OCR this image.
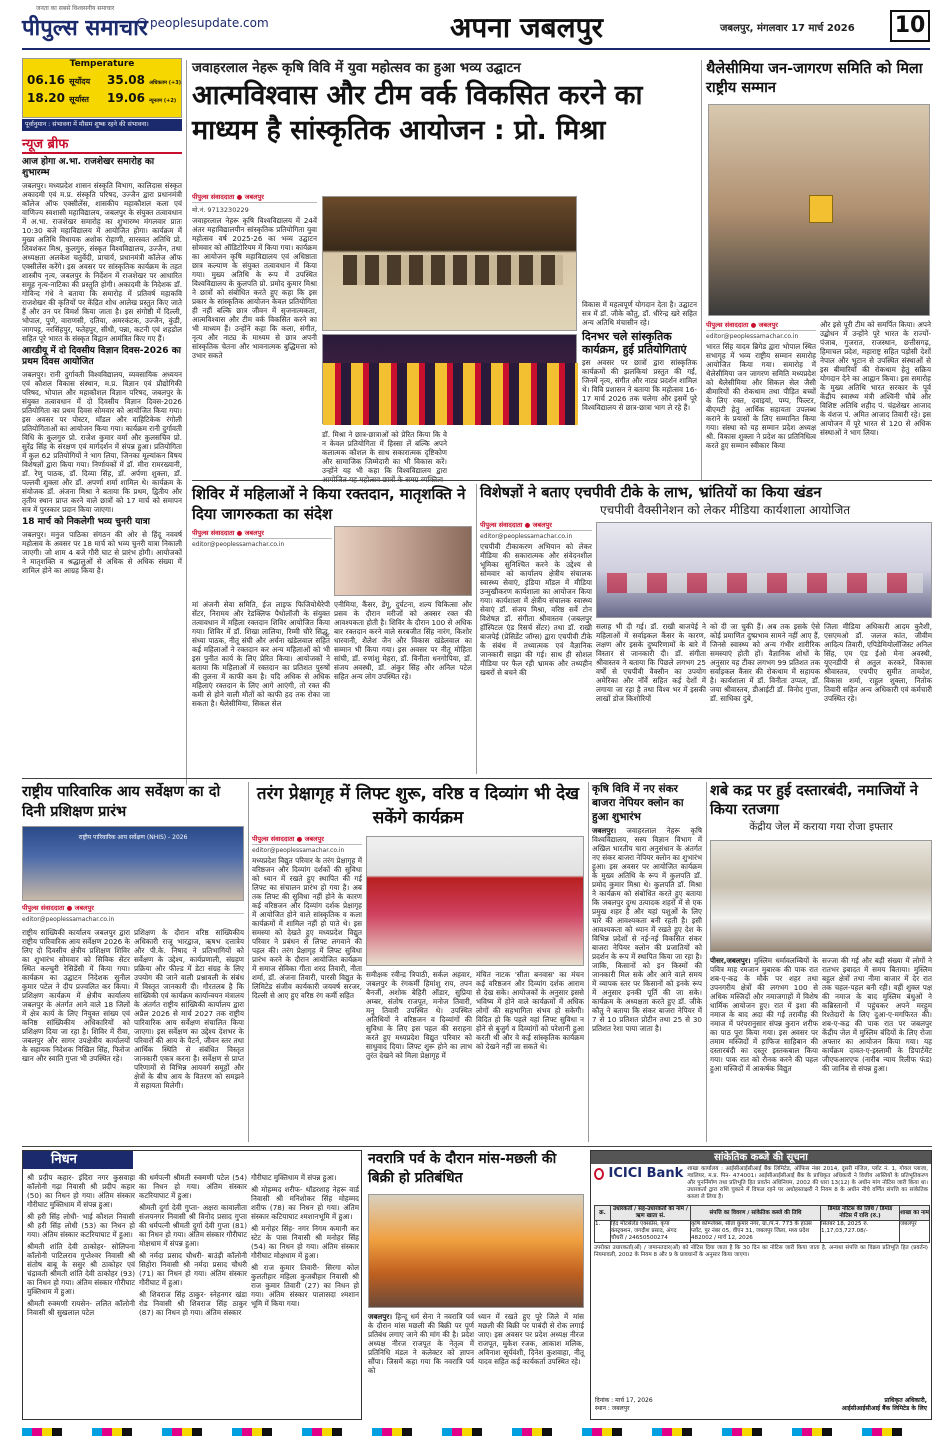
पीपुल्स समाचार
जनता का सबसे विश्वसनीय समाचार
peoplesupdate.com	अपना जबलपुर	जबलपुर, मंगलवार 17 मार्च 2026 10
Temperature
06.16 सूर्योदय
18.20 सूर्यास्त
35.08 अधिकतम (+3)
19.06 न्यूनतम (+2)
पूर्वानुमान : संभावना में मौसम शुष्क रहने की संभावना।
न्यूज ब्रीफ
आज होगा अ.भा. राजशेखर समारोह का शुभारम्भ
जबलपुर। मध्यप्रदेश शासन संस्कृति विभाग, कालिदास संस्कृत अकादमी एवं म.प्र. संस्कृति परिषद, उज्जैन द्वारा प्रधानमंत्री कॉलेज ऑफ एक्सीलेंस, शासकीय महाकौशल कला एवं वाणिज्य स्वशासी महाविद्यालय, जबलपुर के संयुक्त तत्वावधान में अ.भा. राजशेखर समारोह का शुभारम्भ मंगलवार प्रातः 10:30 बजे महाविद्यालय में आयोजित होगा। कार्यक्रम में मुख्य अतिथि विधायक अशोक रोहाणी, सारस्वत अतिथि प्रो. शिवशंकर मिश्र, कुलगुरु, संस्कृत विश्वविद्यालय, उज्जैन, तथा अध्यक्षता अलकेश चतुर्वेदी, प्राचार्य, प्रधानमंत्री कॉलेज ऑफ एक्सीलेंस करेंगे। इस अवसर पर सांस्कृतिक कार्यक्रम के तहत शास्त्रीय नृत्य, जबलपुर के निर्देशन में राजशेखर पर आधारित समूह नृत्य-नाटिका की प्रस्तुति होगी। अकादमी के निदेशक डॉ. गोविन्द गंधे ने बताया कि समारोह में प्रतिवर्ष महाकवि राजशेखर की कृतियों पर केंद्रित शोध आलेख प्रस्तुत किए जाते हैं और उन पर विमर्श किया जाता है। इस संगोष्ठी में दिल्ली, भोपाल, पुणे, वाराणसी, दतिया, अमरकंटक, उज्जैन, कुंडी, जागपट्ट, नरसिंहपुर, फतेहपुर, सीधी, पन्ना, कटनी एवं शहडोल सहित पूरे भारत के संस्कृत विद्वान आमंत्रित किए गए हैं।
आरडीयू में दो दिवसीय विज्ञान दिवस-2026 का प्रथम दिवस आयोजित
जबलपुर। रानी दुर्गावती विश्वविद्यालय, व्यवसायिक अध्ययन एवं कौशल विकास संस्थान, म.प्र. विज्ञान एवं प्रौद्योगिकी परिषद, भोपाल और महाकौशल विज्ञान परिषद, जबलपुर के संयुक्त तत्वावधान में दो दिवसीय विज्ञान दिवस-2026 प्रतियोगिता का प्रथम दिवस सोमवार को आयोजित किया गया। इस अवसर पर पोस्टर, मॉडल और वाहिटिकेक रंगोली प्रतियोगिताओं का आयोजन किया गया। कार्यक्रम रानी दुर्गावती विधि के कुलगुरु प्रो. राजेश कुमार वर्मा और कुलसचिव प्रो. सुरेंद्र सिंह के संरक्षण एवं मार्गदर्शन में संपन्न हुआ। प्रतियोगिता में कुल 62 प्रतियोगियों ने भाग लिया, जिनका मूल्यांकन विषय विशेषज्ञों द्वारा किया गया। निर्णायकों में डॉ. मीरा रामरख्यानी, डॉ. रेणु पाठक, डॉ. दिव्या सिंह, डॉ. अर्पणा शुक्ला, डॉ. पल्लवी शुक्ला और डॉ. अपर्णा शर्मा शामिल थे। कार्यक्रम के संयोजक डॉ. अंजना मिश्रा ने बताया कि प्रथम, द्वितीय और तृतीय स्थान प्राप्त करने वाले छात्रों को 17 मार्च को समापन सत्र में पुरस्कार प्रदान किया जाएगा।
18 मार्च को निकलेगी भव्य चुनरी यात्रा
जबलपुर। मनुज पाठिका संगठन की ओर से हिंदू नववर्ष महोत्सव के अवसर पर 18 मार्च को भव्य चुनरी यात्रा निकाली जाएगी। जो शाम 4 बजे गौरी घाट से प्रारंभ होगी। आयोजकों ने मातृशक्ति व श्रद्धालुओं से अधिक से अधिक संख्या में शामिल होने का आग्रह किया है।
जवाहरलाल नेहरू कृषि विवि में युवा महोत्सव का हुआ भव्य उद्घाटन
आत्मविश्वास और टीम वर्क विकसित करने का माध्यम है सांस्कृतिक आयोजन : प्रो. मिश्रा
पीपुल्स संवाददाता ● जबलपुर
मो.नं. 9713230229
जवाहरलाल नेहरू कृषि विश्वविद्यालय में 24वें अंतर महाविद्यालयीन सांस्कृतिक प्रतियोगिता युवा महोत्सव वर्ष 2025-26 का भव्य उद्घाटन सोमवार को ऑडिटोरियम में किया गया। कार्यक्रम का आयोजन कृषि महाविद्यालय एवं अधिष्ठाता छात्र कल्याण के संयुक्त तत्वावधान में किया गया। मुख्य अतिथि के रूप में उपस्थित विश्वविद्यालय के कुलपति प्रो. प्रमोद कुमार मिश्रा ने छात्रों को संबोधित करते हुए कहा कि इस प्रकार के सांस्कृतिक आयोजन केवल प्रतियोगिता ही नहीं बल्कि छात्र जीवन में सृजनात्मकता, आत्मविश्वास और टीम वर्क विकसित करने का भी माध्यम हैं। उन्होंने कहा कि कला, संगीत, नृत्य और नाट्य के माध्यम से छात्र अपनी सांस्कृतिक चेतना और भावनात्मक बुद्धिमत्ता को उभार सकते
डॉ. मिश्रा ने छात्र-छात्राओं को प्रेरित किया कि वे न केवल प्रतियोगिता में हिस्सा लें बल्कि अपने कलात्मक कौशल के साथ सकारात्मक दृष्टिकोण और सामाजिक जिम्मेदारी का भी विकास करें। उन्होंने यह भी कहा कि विश्वविद्यालय द्वारा
विकास में महत्वपूर्ण योगदान देता है। उद्घाटन सत्र में डॉ. जीके कौतु, डॉ. धीरेन्द्र खरे सहित अन्य अतिथि मंचासीन रहे।
दिनभर चले सांस्कृतिक कार्यक्रम, हुई प्रतियोगिताएं
इस अवसर पर छात्रों द्वारा सांस्कृतिक कार्यक्रमों की झलकियां प्रस्तुत की गईं, जिनमें नृत्य, संगीत और नाट्य प्रदर्शन शामिल थे। विवि प्रशासन ने बताया कि महोत्सव 16-17 मार्च 2026 तक चलेगा और इसमें पूरे विश्वविद्यालय से छात्र-छात्रा भाग ले रहे हैं।
थैलेसीमिया जन-जागरण समिति को मिला राष्ट्रीय सम्मान
पीपुल्स संवाददाता ● जबलपुर
editor@peoplessamachar.co.in
भारत सिंह यादव ब्रिगेड द्वारा भोपाल स्थित सभागृह में भव्य राष्ट्रीय सम्मान समारोह आयोजित किया गया। समारोह में थैलेसीमिया जन जागरण समिति मध्यप्रदेश को थैलेसीमिया और सिकल सेल जैसी बीमारियों की रोकथाम तथा पीड़ित बच्चों के लिए रक्त, दवाइयां, पम्प, फिल्टर, बीएमटी हेतु आर्थिक सहायता उपलब्ध कराने के प्रयासों के लिए सम्मानित किया गया। संस्था को यह सम्मान प्रदेश अध्यक्ष श्री. विकास शुक्ला ने प्रदेश का प्रतिनिधित्व करते हुए सम्मान स्वीकार किया
और इसे पूरी टीम को समर्पित किया। अपने उद्बोधन में उन्होंने पूरे भारत के राज्यों-पंजाब, गुजरात, राजस्थान, छत्तीसगढ़, हिमाचल प्रदेश, महाराष्ट्र सहित पड़ोसी देशों नेपाल और भूटान से उपस्थित संस्थाओं से इस बीमारियों की रोकथाम हेतु सक्रिय योगदान देने का आह्वान किया। इस समारोह के मुख्य अतिथि भारत सरकार के पूर्व केंद्रीय स्वास्थ्य मंत्री अश्विनी चौबे और विशिष्ट अतिथि शहीद पं. चंद्रशेखर आजाद के वंशज पं. अमित आजाद तिवारी रहे। इस आयोजन में पूरे भारत से 120 से अधिक संस्थाओं ने भाग लिया।
शिविर में महिलाओं ने किया रक्तदान, मातृशक्ति ने दिया जागरुकता का संदेश
पीपुल्स संवाददाता ● जबलपुर
editor@peoplessamachar.co.in
मां अंजनी सेवा समिति, ईज लाइफ फिजियोथैरेपी सेंटर, निरामय और रेडक्लिफ पैथोलॉजी के संयुक्त तत्वावधान में महिला रक्तदान शिविर आयोजित किया गया। शिविर में डॉ. शिखा लालिया, रिम्मी चौरे सिद्धू, संध्या पाठक, नीतू संघी और अर्चना खंडेलवाल सहित कई महिलाओं ने रक्तदान कर अन्य महिलाओं को भी इस पुनीत कार्य के लिए प्रेरित किया। आयोजकों ने बताया कि महिलाओं में रक्तदान का प्रतिशत पुरुषों की तुलना में काफी कम है। यदि अधिक से अधिक महिलाएं रक्तदान के लिए आगे आएंगी, तो रक्त की कमी से होने वाली मौतों को काफी हद तक रोका जा सकता है। थैलेसीमिया, सिकल सेल
एनीमिया, कैंसर, डेंगू, दुर्घटना, शल्य चिकित्सा और प्रसव के दौरान मरीजों को अक्सर रक्त की आवश्यकता होती है। शिविर के दौरान 100 से अधिक बार रक्तदान करने वाले सरबजीत सिंह नारंग, किशोर धारवानी, शैलेश जैन और विकास खंडेलवाल का सम्मान भी किया गया। इस अवसर पर नीतू मोहिता सांघी, डॉ. रुणांशु मेहरा, डॉ. विनीता धनगोपिया, डॉ. संजय अवस्थी, डॉ. अंकुर सिंह और अनिल पटेल सहित अन्य लोग उपस्थित रहे।
विशेषज्ञों ने बताए एचपीवी टीके के लाभ, भ्रांतियों का किया खंडन
एचपीवी वैक्सीनेशन को लेकर मीडिया कार्यशाला आयोजित
पीपुल्स संवाददाता ● जबलपुर
editor@peoplessamachar.co.in
एचपीवी टीकाकरण अभियान को लेकर मीडिया की सकारात्मक और संवेदनशील भूमिका सुनिश्चित करने के उद्देश्य से सोमवार को कार्यालय क्षेत्रीय संचालक स्वास्थ्य सेवाएं, इंडिया मॉडल में मीडिया उन्मुखीकरण कार्यशाला का आयोजन किया गया। कार्यशाला में क्षेत्रीय संचालक स्वास्थ्य सेवाएं डॉ. संजय मिश्रा, वरिष्ठ सर्वे टोन विशेषज्ञ डॉ. संगीता श्रीवास्तव (जबलपुर हॉस्पिटल एंड रिसर्च सेंटर) तथा डॉ. राखी बाजपेई (प्रेसिडेंट जॉग्स) द्वारा एचपीवी टीके के संबंध में तथ्यात्मक एवं वैज्ञानिक जानकारी साझा की गई। साथ ही सोशल मीडिया पर फैल रही भ्रामक और तथ्यहीन खबरों से बचने की
सलाह भी दी गई। डॉ. राखी बाजपेई ने महिलाओं में सर्वाइकल कैंसर के कारण, लक्षण और इसके दुष्परिणामों के बारे में विस्तार से जानकारी दी। डॉ. संगीता श्रीवास्तव ने बताया कि पिछले लगभग 25 वर्षों से एचपीवी वैक्सीन का उपयोग अमेरिका और नॉर्वे सहित कई देशों में लगाया जा रहा है तथा विश्व भर में इसकी लाखों डोज किशोरियों
को दी जा चुकी हैं। अब तक इसके ऐसे कोई प्रमाणित दुष्प्रभाव सामने नहीं आए हैं, जिनसे स्वास्थ्य को अन्य गंभीर शारीरिक समस्याएं होती हों। वैज्ञानिक शोधों के अनुसार यह टीका लगभग 99 प्रतिशत तक सर्वाइकल कैंसर की रोकथाम में सहायक है। कार्यशाला में डॉ. विनीता उप्पल, डॉ. जया श्रीवास्तव, डीआईटी डॉ. विनोद गुप्ता, डॉ. साधिका दुबे,
जिला मीडिया अधिकारी आदम कुरैशी, एसएमओ डॉ. जलज कांत, जीवीम आदित्य तिवारी, एपिडेमियोलॉजिस्ट अनिल सिंह, एम एंड ईओ मेना अवस्थी, यूएनडीपी से अतुल करकरे, विकास श्रीवास्तव, एचपीए सुमीत तामदेश, विकास शर्मा, राहुल शुक्ला, नितोक तिवारी सहित अन्य अधिकारी एवं कर्मचारी उपस्थित रहे।
राष्ट्रीय पारिवारिक आय सर्वेक्षण का दो दिनी प्रशिक्षण प्रारंभ
राष्ट्रीय पारिवारिक आय सर्वेक्षण (NHIS) - 2026
पीपुल्स संवाददाता ● जबलपुर
editor@peoplessamachar.co.in
राष्ट्रीय सांख्यिकी कार्यालय जबलपुर द्वारा राष्ट्रीय पारिवारिक आय सर्वेक्षण 2026 के लिए दो दिवसीय क्षेत्रीय प्रशिक्षण शिविर का शुभारंभ सोमवार को सिविक सेंटर स्थित कल्चुरी रेसिडेंसी में किया गया। कार्यक्रम का उद्घाटन निदेशक सुनील कुमार पटेल ने दीप प्रज्वलित कर किया। प्रशिक्षण कार्यक्रम में क्षेत्रीय कार्यालय जबलपुर के अंतर्गत आने वाले 18 जिलों में क्षेत्र कार्य के लिए नियुक्त सांख्य एवं कनिष्ठ सांख्यिकीय अधिकारियों को प्रशिक्षण दिया जा रहा है। शिविर में रीवा, जबलपुर और सागर उपक्षेत्रीय कार्यालयों के सहायक निदेशक निखिल सिंह, फिरोज खान और स्वाति गुप्ता भी उपस्थित रहे।
प्रशिक्षण के दौरान वरिष्ठ सांख्यिकीय अधिकारी राजू भारद्वाज, ऋषभ दत्तात्रेय और पी.के. निषाद ने प्रतिभागियों को सर्वेक्षण के उद्देश्य, कार्यप्रणाली, संग्रहण प्रक्रिया और फील्ड में डेटा संग्रह के लिए उपयोग की जाने वाली प्रश्नावली के संबंध में विस्तृत जानकारी दी। गौरतलब है कि सांख्यिकी एवं कार्यक्रम कार्यान्वयन मंत्रालय के अंतर्गत राष्ट्रीय सांख्यिकी कार्यालय द्वारा अप्रैल 2026 से मार्च 2027 तक राष्ट्रीय पारिवारिक आय सर्वेक्षण संचालित किया जाएगा। इस सर्वेक्षण का उद्देश्य देशभर के परिवारों की आय के पैटर्न, जीवन स्तर तथा आर्थिक स्थिति से संबंधित विस्तृत जानकारी एकत्र करना है। सर्वेक्षण से प्राप्त परिणामों से विभिन्न आयवर्ग समूहों और क्षेत्रों के बीच आय के वितरण को समझने में सहायता मिलेगी।
तरंग प्रेक्षागृह में लिफ्ट शुरू, वरिष्ठ व दिव्यांग भी देख सकेंगे कार्यक्रम
पीपुल्स संवाददाता ● जबलपुर
editor@peoplessamachar.co.in
मध्यप्रदेश विद्युत परिवार के तरंग प्रेक्षागृह में वरिष्ठजन और दिव्यांग दर्शकों की सुविधा को ध्यान में रखते हुए स्थापित की गई लिफ्ट का संचालन प्रारंभ हो गया है। अब तक लिफ्ट की सुविधा नहीं होने के कारण कई वरिष्ठजन और दिव्यांग दर्शक प्रेक्षागृह में आयोजित होने वाले सांस्कृतिक व कला कार्यक्रमों में शामिल नहीं हो पाते थे। इस समस्या को देखते हुए मध्यप्रदेश विद्युत परिवार ने प्रबंधन से लिफ्ट लगवाने की पहल की। तरंग प्रेक्षागृह में लिफ्ट सुविधा प्रारंभ करने के दौरान आयोजित कार्यक्रम में समाज सेविका गीता शरद तिवारी, नीता शर्मा, डॉ. अंजना तिवारी, पारसी विद्युत के लिमिटेड संजीव कार्यकारी जयवर्ष सरजर, दिल्ली से आए हुए वरिष्ठ रंग कर्मी सहित
समीक्षक रवीन्द्र त्रिपाठी, सर्कल अहवार, जबलपुर के रंगकर्मी हिमांशु राय, तपन बैनर्जी, अशोक बेहिरी ऑडार, सुप्रिया अम्बर, संतोष राजपूत, मनोज तिवारी, मनु तिवारी उपस्थित थे। उपस्थित अतिथियों ने वरिष्ठजन व दिव्यांगों की सुविधा के लिए इस पहल की सराहना करते हुए मध्यप्रदेश विद्युत परिवार को साधुवाद दिया। लिफ्ट शुरू होने का लाभ तुरंत देखने को मिला प्रेक्षागृह में
मंचित नाटक 'सीता बनवास' का मंचन कई वरिष्ठजन और दिव्यांग दर्शक आराम से देख सके। आयोजकों के अनुसार इससे भविष्य में होने वाले कार्यक्रमों में अधिक लोगों की सहभागिता संभव हो सकेगी। विदित हो कि पहले यहां लिफ्ट सुविधा न होने से बुजुर्ग व दिव्यांगों को परेशानी हुआ करती थी और वे कई सांस्कृतिक कार्यक्रम को देखने नहीं जा सकते थे।
कृषि विवि में नए संकर बाजरा नेपियर क्लोन का हुआ शुभारंभ
जबलपुर। जवाहरलाल नेहरू कृषि विश्वविद्यालय, सस्य विज्ञान विभाग में अखिल भारतीय चारा अनुसंधान के अंतर्गत नए संकर बाजरा नेपियर क्लोन का शुभारंभ हुआ। इस अवसर पर आयोजित कार्यक्रम के मुख्य अतिथि के रूप में कुलपति डॉ. प्रमोद कुमार मिश्रा थे। कुलपति डॉ. मिश्रा ने कार्यक्रम को संबोधित करते हुए बताया कि जबलपुर दुग्ध उत्पादक शहरों में से एक प्रमुख शहर है और यहां पशुओं के लिए चारे की आवश्यकता बनी रहती है। इसी आवश्यकता को ध्यान में रखते हुए देश के विभिन्न प्रदेशों से नई-नई विकसित संकर बाजरा नेपियर क्लोन की प्रजातियों को प्रदर्शन के रूप में स्थापित किया जा रहा है। जाकि, किसानों को इन किस्मों की जानकारी मिल सके और आने वाले समय में व्यापक स्तर पर किसानों को इनके रूप में अनुसार इनकी पूर्ति की जा सके। कार्यक्रम के अध्यक्षता करते हुए डॉ. जीके कौतु ने बताया कि संकर बाजरा नेपियर में 7 से 10 प्रतिशत प्रोटीन तथा 25 से 30 प्रतिशत रेशा पाया जाता है।
शबे कद्र पर हुई दस्तारबंदी, नमाजियों ने किया रतजगा
केंद्रीय जेल में कराया गया रोजा इफ्तार
पीसर,जबलपुर। मुस्लिम धर्मावलम्बियों के पवित्र माह रमजान मुबारक की पाक रात शब-ए-कद्र के मौके पर शहर तथा उपनगरीय क्षेत्रों की लगभग 100 से अधिक मस्जिदों और नमाजगाहों में विशेष धार्मिक आयोजन हुए। रात में इशा की नमाज के बाद अदा की गई तरावीह की नमाज में परंपरानुसार संपन्न कुरान शरीफ का पाठ पूरा किया गया। इस अवसर पर तमाम मस्जिदों में हाफिज साहिबान की दस्तारबंदी का दस्तूर इस्तकबाल किया गया। पाक रात को रौनक करने की पहल हुआ मस्जिदों में आकर्षक विद्युत
सज्जा की गई और बड़ी संख्या में लोगों ने रातभर इबादत में समय बिताया। मुस्लिम बहुल क्षेत्रों तथा नीमा बाजार में देर रात तक चहल-पहल बनी रही। वहीं शुक्ल पक्ष की नमाज के बाद मुस्लिम बंधुओं ने कब्रिस्तानों में पहुंचकर अपने मरहूम रिश्तेदारों के लिए दुआ-ए-मगफिरत की। शब-ए-कद्र की पाक रात पर जबलपुर केंद्रीय जेल में मुस्लिम बंदियों के लिए रोजा अफ्तार का आयोजन किया गया। यह कार्यक्रम दावत-ए-इस्लामी के डिपार्टमेंट जीएफआरएफ (नारीब न्याय रिलीफ फंड) की जानिब से संपन्न हुआ।
निधन
श्री प्रदीप कहार- इंदिरा नगर कुसवाहा कॉलोनी गढ़ा निवासी श्री प्रदीप कहार (50) का निधन हो गया। अंतिम संस्कार गौरीघाट मुक्तिधाम में संपन्न हुआ।
श्री हरी सिंह लोधी- भाई कौशल निवासी श्री हरी सिंह लोधी (53) का निधन हो गया। अंतिम संस्कार कटरियाघाट में हुआ।
श्रीमती शांति देवी ठाकोहर- सोलिपना कॉलोनी पाटिलराव गुप्तेश्वर निवासी श्री संतोष बाबू के ससुर श्री ठाकोहर एवं चंद्रावती श्रीमती शांति देवी ठाकोहर (93) का निधन हो गया। अंतिम संस्कार गौरीघाट मुक्तिधाम में हुआ।
श्रीमती रुक्मणी रायसेन- ललित कॉलोनी निवासी श्री सुखलाल पटेल
की धर्मपत्नी श्रीमती रुक्मणी पटेल (54) का निधन हो गया। अंतिम संस्कार कटरियाघाट में हुआ।
श्रीमती दुर्गा देवी गुप्ता- अक्षरा कावालीता संजयनगर निवासी श्री विनोद प्रसाद गुप्ता की धर्मपत्नी श्रीमती दुर्गा देवी गुप्ता (81) का निधन हो गया। अंतिम संस्कार गौरीघाट मोक्षधाम में संपन्न हुआ।
श्री नर्मदा प्रसाद चौधरी- बाउंड़ी कॉलोनी सिहोरा निवासी श्री नर्मदा प्रसाद चौधरी (71) का निधन हो गया। अंतिम संस्कार गौरीघाट में हुआ।
श्री शिवराज सिंह ठाकुर- स्नेहनगर खंडा रोड निवासी श्री शिवराज सिंह ठाकुर (87) का निधन हो गया। अंतिम संस्कार
गौरीघाट मुक्तिधाम में संपन्न हुआ।
श्री मोहम्मद शरीफ- थॉडरशाह नेहरू वार्ड निवासी श्री मनिशोकर सिंह मोहम्मद शरीफ (78) का निधन हो गया। अंतिम संस्कार कटियाघाट श्मशानभूमि में हुआ।
श्री मनोहर सिंह- नगर निगम कमानी कर स्टेट के पास निवासी श्री मनोहर सिंह (54) का निधन हो गया। अंतिम संस्कार गौरीघाट मोक्षधाम में हुआ।
श्री राज कुमार तिवारी- सिरगा कोल कुलतीहार महिला कुजबीहार निवासी श्री राज कुमार तिवारी (27) का निधन हो गया। अंतिम संस्कार पालासदा श्मशान भूमि में किया गया।
नवरात्रि पर्व के दौरान मांस-मछली की बिक्री हो प्रतिबंधित
जबलपुर। हिन्दू धर्म सेना ने नवरात्रि पर्व के दौरान मांस मछली की बिक्री पर पूर्ण प्रतिबंध लगाए जाने की मांग की है। प्रदेश अध्यक्ष नीरज राजपूत के नेतृत्व में प्रतिनिधि मंडल ने कलेक्टर को ज्ञापन सौंपा। जिसमें कहा गया कि नवरात्रि पर्व को
ध्यान में रखते हुए पूरे जिले में मांस मछली की बिक्री पर पाबंदी से रोक लगाई जाए। इस अवसर पर प्रदेश अध्यक्ष नीरज राजपूत, मुकेश रजक, आकाश मलिक, अविनाश सूर्यवंशी, दिनेश कुशवाहा, नीतू यादव सहित कई कार्यकर्ता उपस्थित रहे।
सांकेतिक कब्जे की सूचना
ICICI Bank शाखा कार्यालय : आईसीआईसीआई बैंक लिमिटेड, ऑफिस नंबर 2014, दूसरी मंजिल, प्लॉट नं. 1, गोयल प्लाजा, ग्वालियर, म.प्र. पिन- 474001। आईसीआईसीआई बैंक के प्राधिकृत अधिकारी ने वित्तीय आस्तियों के प्रतिभूतिकरण और पुनर्निर्माण तथा प्रतिभूति हित प्रवर्तन अधिनियम, 2002 की धारा 13(12) के अधीन मांग नोटिस जारी किया था। उधारकर्ता द्वारा राशि चुकाने में विफल रहने पर अधोहस्ताक्षरी ने नियम 8 के अधीन नीचे वर्णित संपत्ति का सांकेतिक कब्जा ले लिया है।
क्र.	उधारकर्ता / सह-उधारकर्ता का नाम / ऋण खाता सं.	संपत्ति का विवरण / सांकेतिक कब्जे की तिथि	डिमांड नोटिस की तिथि / डिमांड नोटिस में राशि (रु.)	शाखा का नाम
1.	हिंद मोटर्सलेड एक्सप्रेस, कृपा कंस्ट्रक्शन, जगदीश प्रसाद, अंगद चौधरी / 24650500274	कृषि कॉम्प्लेक्स, सीता कुमार नगर, ग्रा./प.नं. 773 के हाउस प्लॉट, पुर नंबर 05, वीएन 31, जबलपुर जिला, मध्य प्रदेश 482002 / मार्च 12, 2026	सितंबर 18, 2025 रु. 1,17,03,727.08/-	जबलपुर
उपरोक्त उधारकर्ता(ओं) / जमानतदार(ओं) को नोटिस दिया जाता है कि 30 दिन का नोटिस जारी किया जाता है, अन्यथा संपत्ति का विक्रय प्रतिभूति हित (प्रवर्तन) नियमावली, 2002 के नियम 8 और 9 के प्रावधानों के अनुसार किया जाएगा।
दिनांक : मार्च 17, 2026
स्थान : जबलपुर
प्राधिकृत अधिकारी,
आईसीआईसीआई बैंक लिमिटेड के लिए
